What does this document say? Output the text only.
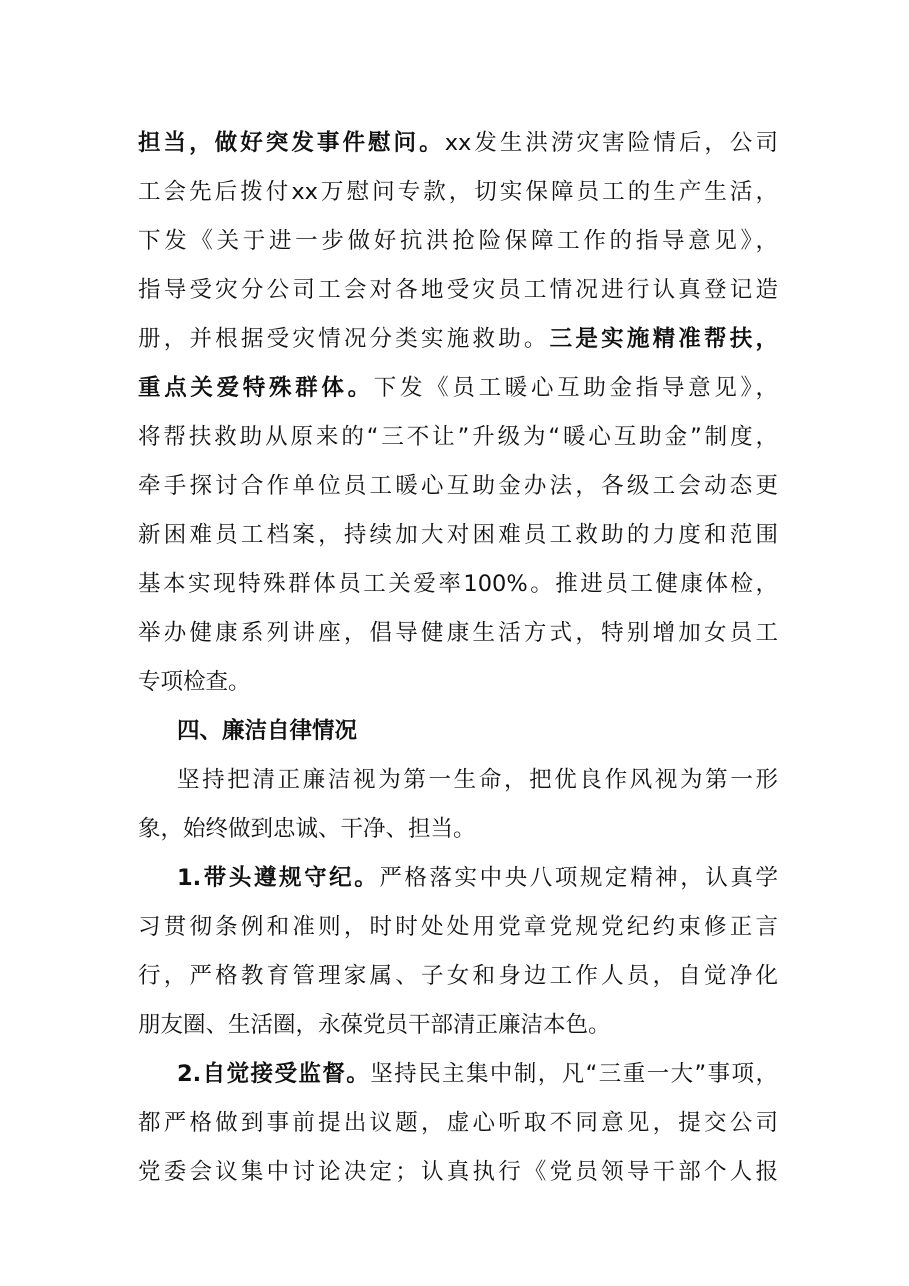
担当，做好突发事件慰问。xx发生洪涝灾害险情后，公司
工会先后拨付xx万慰问专款，切实保障员工的生产生活，
下发《关于进一步做好抗洪抢险保障工作的指导意见》，
指导受灾分公司工会对各地受灾员工情况进行认真登记造
册，并根据受灾情况分类实施救助。三是实施精准帮扶，
重点关爱特殊群体。下发《员工暖心互助金指导意见》，
将帮扶救助从原来的“三不让”升级为“暖心互助金”制度，
牵手探讨合作单位员工暖心互助金办法，各级工会动态更
新困难员工档案，持续加大对困难员工救助的力度和范围
基本实现特殊群体员工关爱率100%。推进员工健康体检，
举办健康系列讲座，倡导健康生活方式，特别增加女员工
专项检查。
四、廉洁自律情况
坚持把清正廉洁视为第一生命，把优良作风视为第一形
象，始终做到忠诚、干净、担当。
1.带头遵规守纪。严格落实中央八项规定精神，认真学
习贯彻条例和准则，时时处处用党章党规党纪约束修正言
行，严格教育管理家属、子女和身边工作人员，自觉净化
朋友圈、生活圈，永葆党员干部清正廉洁本色。
2.自觉接受监督。坚持民主集中制，凡“三重一大”事项，
都严格做到事前提出议题，虚心听取不同意见，提交公司
党委会议集中讨论决定；认真执行《党员领导干部个人报
